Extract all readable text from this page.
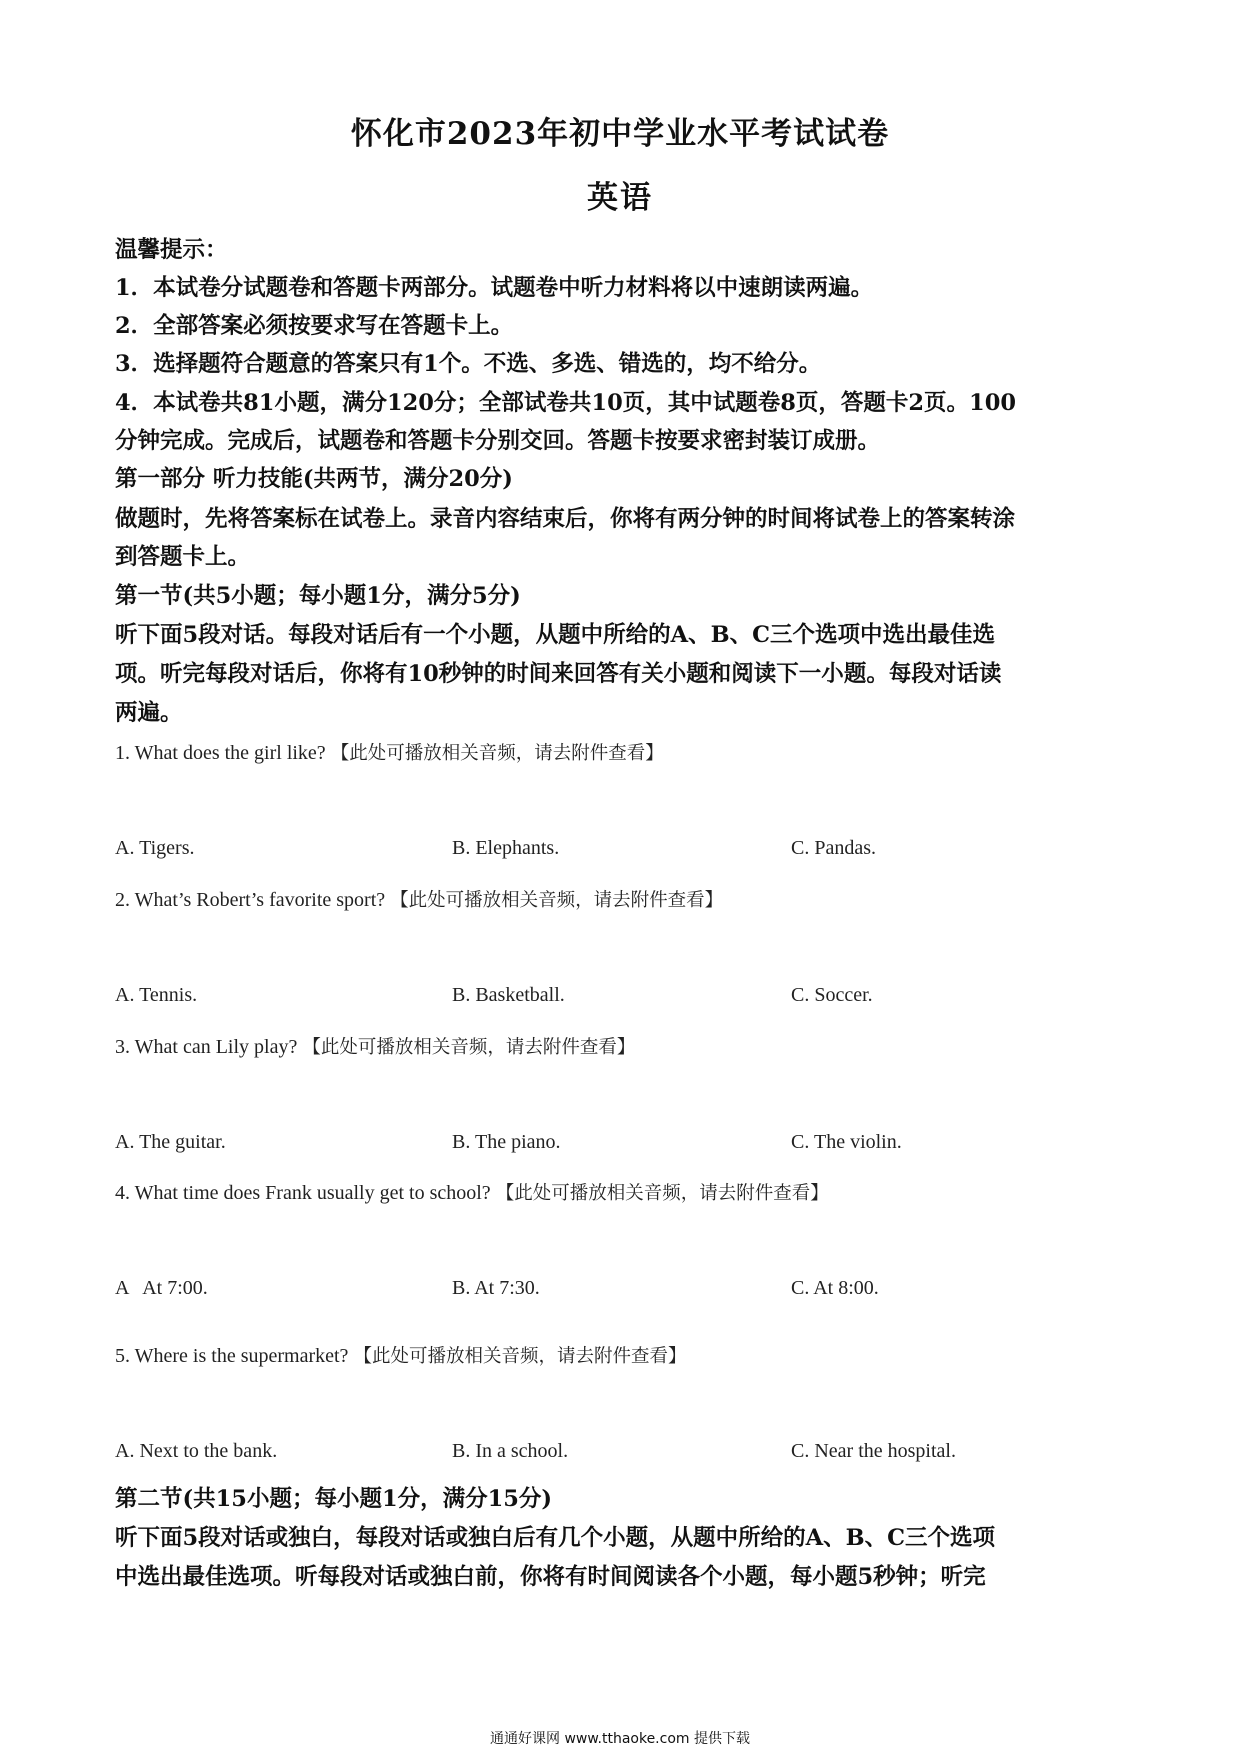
怀化市2023年初中学业水平考试试卷
英语
温馨提示：
1．本试卷分试题卷和答题卡两部分。试题卷中听力材料将以中速朗读两遍。
2．全部答案必须按要求写在答题卡上。
3．选择题符合题意的答案只有1个。不选、多选、错选的，均不给分。
4．本试卷共81小题，满分120分；全部试卷共10页，其中试题卷8页，答题卡2页。100
分钟完成。完成后，试题卷和答题卡分别交回。答题卡按要求密封装订成册。
第一部分 听力技能(共两节，满分20分)
做题时，先将答案标在试卷上。录音内容结束后，你将有两分钟的时间将试卷上的答案转涂
到答题卡上。
第一节(共5小题；每小题1分，满分5分)
听下面5段对话。每段对话后有一个小题，从题中所给的A、B、C三个选项中选出最佳选
项。听完每段对话后，你将有10秒钟的时间来回答有关小题和阅读下一小题。每段对话读
两遍。
1. What does the girl like? 【此处可播放相关音频，请去附件查看】
A. Tigers.	B. Elephants.	C. Pandas.
2. What’s Robert’s favorite sport? 【此处可播放相关音频，请去附件查看】
A. Tennis.	B. Basketball.	C. Soccer.
3. What can Lily play? 【此处可播放相关音频，请去附件查看】
A. The guitar.	B. The piano.	C. The violin.
4. What time does Frank usually get to school? 【此处可播放相关音频，请去附件查看】
A   At 7:00.	B. At 7:30.	C. At 8:00.
5. Where is the supermarket? 【此处可播放相关音频，请去附件查看】
A. Next to the bank.	B. In a school.	C. Near the hospital.
第二节(共15小题；每小题1分，满分15分)
听下面5段对话或独白，每段对话或独白后有几个小题，从题中所给的A、B、C三个选项
中选出最佳选项。听每段对话或独白前，你将有时间阅读各个小题，每小题5秒钟；听完
通通好课网 www.tthaoke.com 提供下载
